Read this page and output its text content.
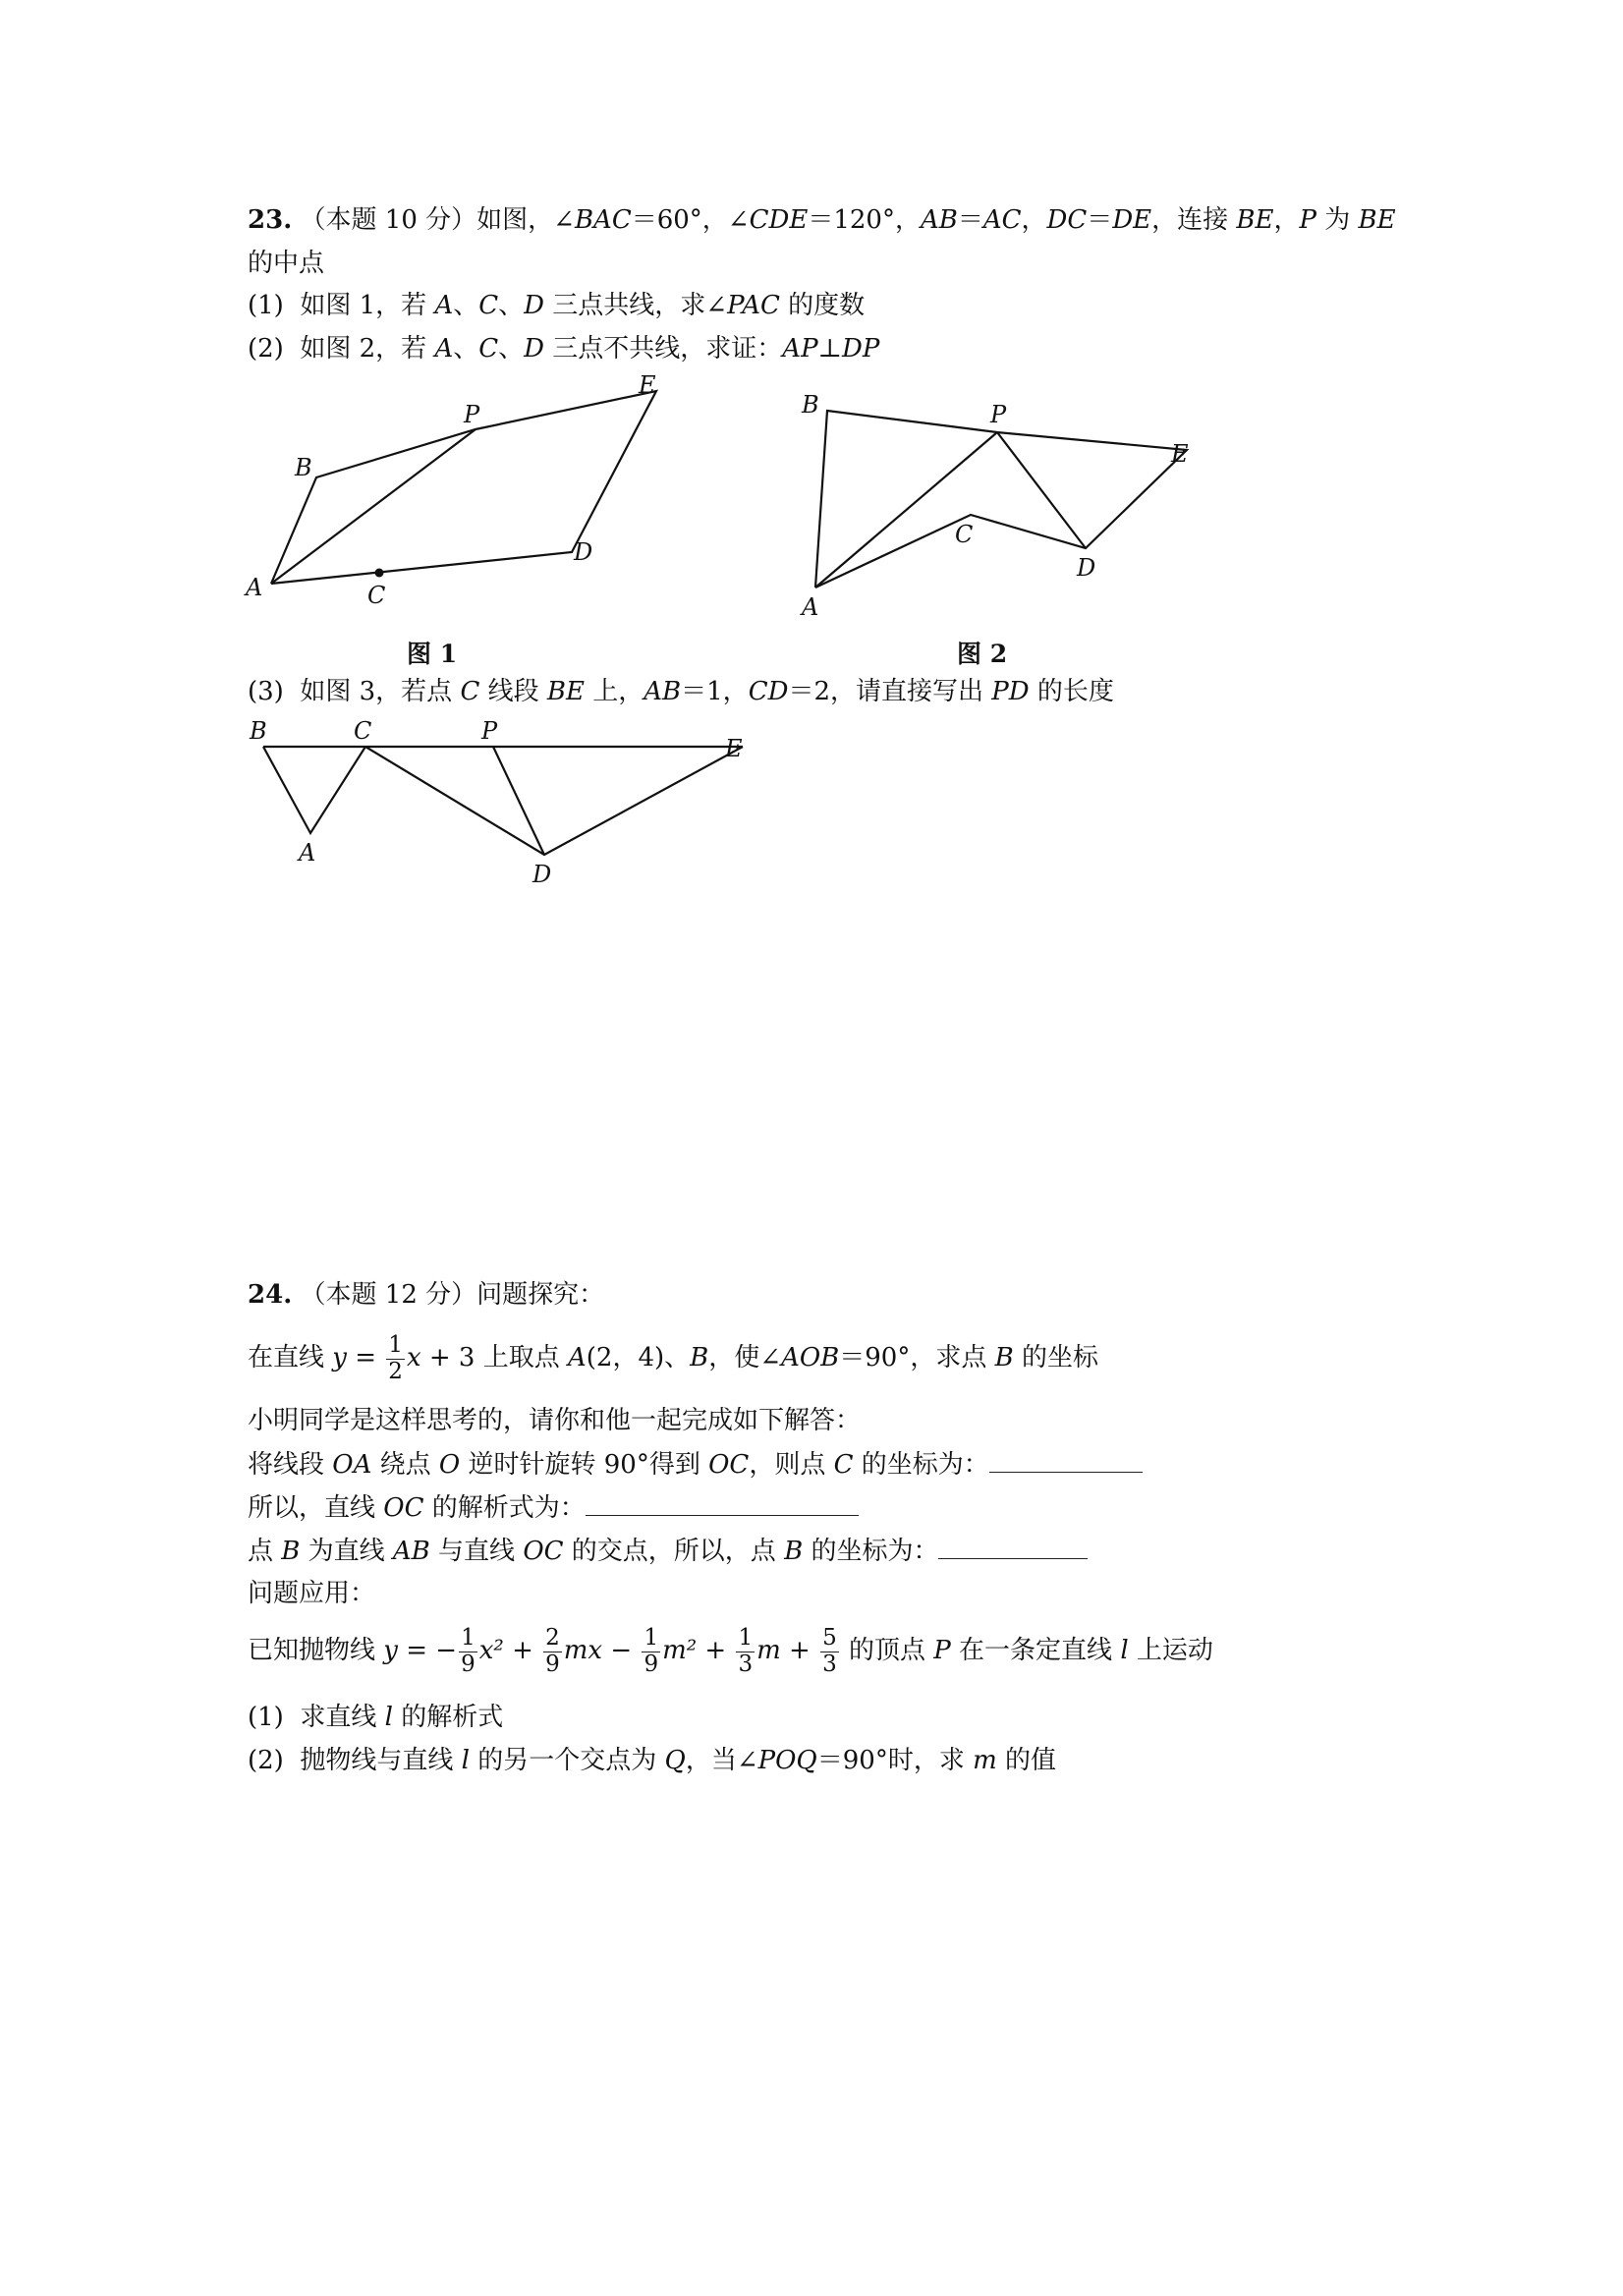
23. （本题 10 分）如图，∠BAC＝60°，∠CDE＝120°，AB＝AC，DC＝DE，连接 BE，P 为 BE
的中点
(1) 如图 1，若 A、C、D 三点共线，求∠PAC 的度数
(2) 如图 2，若 A、C、D 三点不共线，求证：AP⊥DP
A
B
C
D
E
P
图 1
A
B
C
D
E
P
图 2
(3) 如图 3，若点 C 线段 BE 上，AB＝1，CD＝2，请直接写出 PD 的长度
A
B	C
D
E
P
24. （本题 12 分）问题探究：
在直线 $y = \frac{1}{2}$ x + 3 上取点 A(2，4)、B，使∠AOB＝90°，求点 B 的坐标
小明同学是这样思考的，请你和他一起完成如下解答：
将线段 OA 绕点 O 逆时针旋转 90°得到 OC，则点 C 的坐标为：
所以，直线 OC 的解析式为：
点 B 为直线 AB 与直线 OC 的交点，所以，点 B 的坐标为：
问题应用：
已知抛物线 y = − $\frac{1}{9} x^2 + \frac{2}{9}$ mx − $\frac{1}{9} m^2 + \frac{1}{3}$ $m + \frac{5}{3}$ 的顶点 P 在一条定直线 l 上运动
(1) 求直线 l 的解析式
(2) 抛物线与直线 l 的另一个交点为 Q，当∠POQ＝90°时，求 m 的值
